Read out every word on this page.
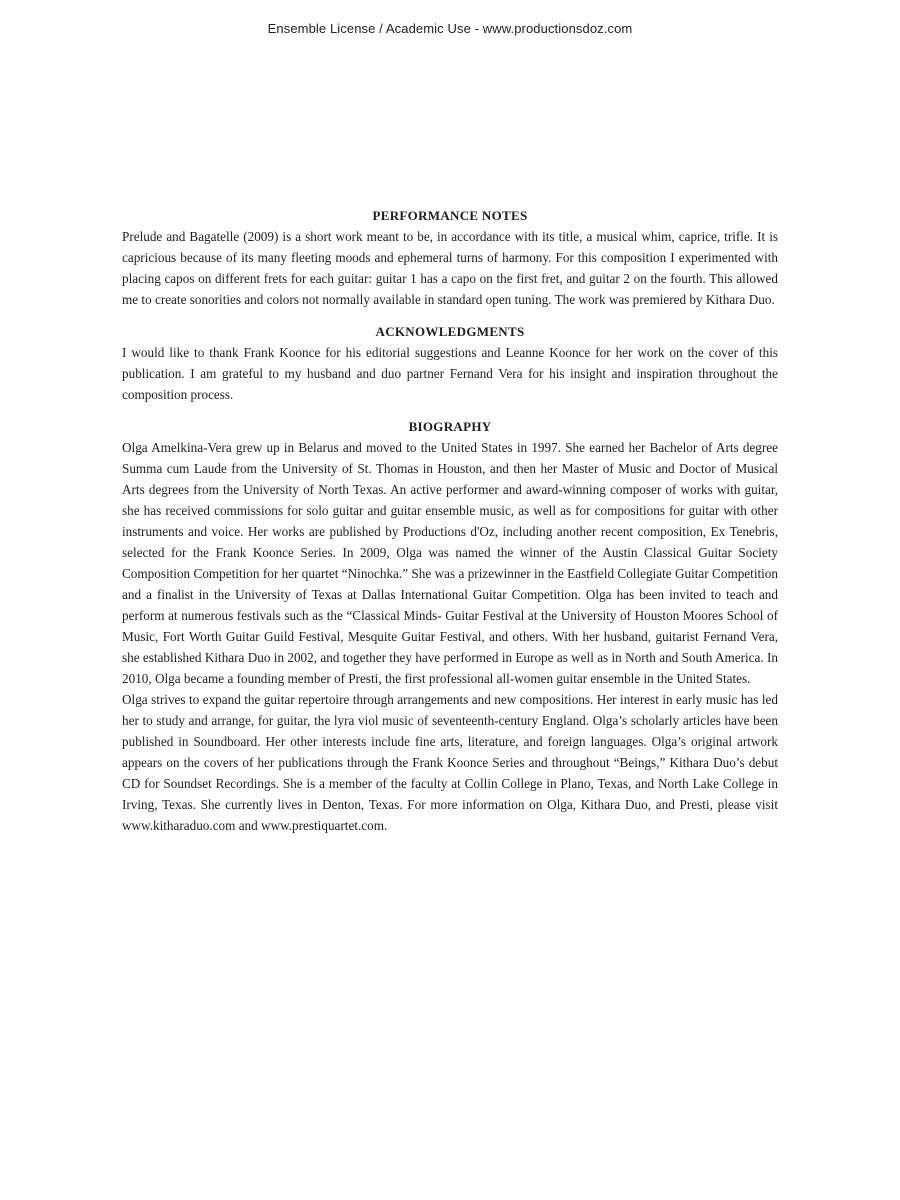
Ensemble License / Academic Use - www.productionsdoz.com
PERFORMANCE NOTES

Prelude and Bagatelle (2009) is a short work meant to be, in accordance with its title, a musical whim, caprice, trifle. It is capricious because of its many fleeting moods and ephemeral turns of harmony. For this composition I experimented with placing capos on different frets for each guitar: guitar 1 has a capo on the first fret, and guitar 2 on the fourth. This allowed me to create sonorities and colors not normally available in standard open tuning. The work was premiered by Kithara Duo.

ACKNOWLEDGMENTS

I would like to thank Frank Koonce for his editorial suggestions and Leanne Koonce for her work on the cover of this publication. I am grateful to my husband and duo partner Fernand Vera for his insight and inspiration throughout the composition process.

BIOGRAPHY

Olga Amelkina-Vera grew up in Belarus and moved to the United States in 1997. She earned her Bachelor of Arts degree Summa cum Laude from the University of St. Thomas in Houston, and then her Master of Music and Doctor of Musical Arts degrees from the University of North Texas. An active performer and award-winning composer of works with guitar, she has received commissions for solo guitar and guitar ensemble music, as well as for compositions for guitar with other instruments and voice. Her works are published by Productions d'Oz, including another recent composition, Ex Tenebris, selected for the Frank Koonce Series. In 2009, Olga was named the winner of the Austin Classical Guitar Society Composition Competition for her quartet “Ninochka.” She was a prizewinner in the Eastfield Collegiate Guitar Competition and a finalist in the University of Texas at Dallas International Guitar Competition. Olga has been invited to teach and perform at numerous festivals such as the “Classical Minds- Guitar Festival at the University of Houston Moores School of Music, Fort Worth Guitar Guild Festival, Mesquite Guitar Festival, and others. With her husband, guitarist Fernand Vera, she established Kithara Duo in 2002, and together they have performed in Europe as well as in North and South America. In 2010, Olga became a founding member of Presti, the first professional all-women guitar ensemble in the United States.

Olga strives to expand the guitar repertoire through arrangements and new compositions. Her interest in early music has led her to study and arrange, for guitar, the lyra viol music of seventeenth-century England. Olga’s scholarly articles have been published in Soundboard. Her other interests include fine arts, literature, and foreign languages. Olga’s original artwork appears on the covers of her publications through the Frank Koonce Series and throughout “Beings,” Kithara Duo’s debut CD for Soundset Recordings. She is a member of the faculty at Collin College in Plano, Texas, and North Lake College in Irving, Texas. She currently lives in Denton, Texas. For more information on Olga, Kithara Duo, and Presti, please visit www.kitharaduo.com and www.prestiquartet.com.
